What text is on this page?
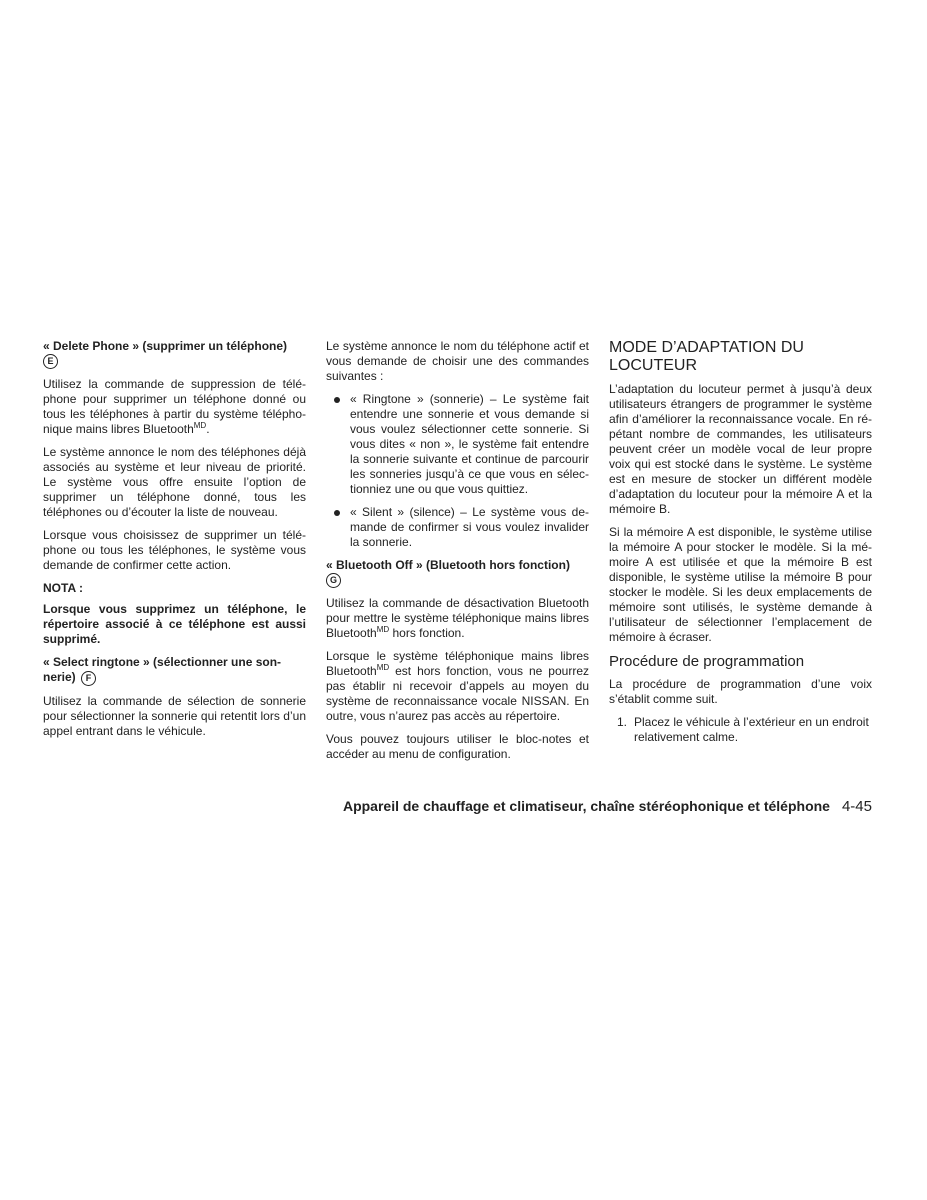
« Delete Phone » (supprimer un téléphone)
E

Utilisez la commande de suppression de télé-phone pour supprimer un téléphone donné ou tous les téléphones à partir du système télépho-nique mains libres Bluetooth$^{MD}$.

Le système annonce le nom des téléphones déjà associés au système et leur niveau de priorité. Le système vous offre ensuite l’option de supprimer un téléphone donné, tous les téléphones ou d’écouter la liste de nouveau.

Lorsque vous choisissez de supprimer un télé-phone ou tous les téléphones, le système vous demande de confirmer cette action.

NOTA :

Lorsque vous supprimez un téléphone, le répertoire associé à ce téléphone est aussi supprimé.

« Select ringtone » (sélectionner une son-nerie) F

Utilisez la commande de sélection de sonnerie pour sélectionner la sonnerie qui retentit lors d’un appel entrant dans le véhicule.

Le système annonce le nom du téléphone actif et vous demande de choisir une des commandes suivantes :

« Ringtone » (sonnerie) – Le système fait entendre une sonnerie et vous demande si vous voulez sélectionner cette sonnerie. Si vous dites « non », le système fait entendre la sonnerie suivante et continue de parcourir les sonneries jusqu’à ce que vous en sélec-tionniez une ou que vous quittiez.
« Silent » (silence) – Le système vous de-mande de confirmer si vous voulez invalider la sonnerie.
« Bluetooth Off » (Bluetooth hors fonction)
G

Utilisez la commande de désactivation Bluetooth pour mettre le système téléphonique mains libres Bluetooth$^{MD}$ hors fonction.

Lorsque le système téléphonique mains libres Bluetooth$^{MD}$ est hors fonction, vous ne pourrez pas établir ni recevoir d’appels au moyen du système de reconnaissance vocale NISSAN. En outre, vous n’aurez pas accès au répertoire.

Vous pouvez toujours utiliser le bloc-notes et accéder au menu de configuration.

MODE D’ADAPTATION DU LOCUTEUR

L’adaptation du locuteur permet à jusqu’à deux utilisateurs étrangers de programmer le système afin d’améliorer la reconnaissance vocale. En ré-pétant nombre de commandes, les utilisateurs peuvent créer un modèle vocal de leur propre voix qui est stocké dans le système. Le système est en mesure de stocker un différent modèle d’adaptation du locuteur pour la mémoire A et la mémoire B.

Si la mémoire A est disponible, le système utilise la mémoire A pour stocker le modèle. Si la mé-moire A est utilisée et que la mémoire B est disponible, le système utilise la mémoire B pour stocker le modèle. Si les deux emplacements de mémoire sont utilisés, le système demande à l’utilisateur de sélectionner l’emplacement de mémoire à écraser.

Procédure de programmation

La procédure de programmation d’une voix s’établit comme suit.

1. Placez le véhicule à l’extérieur en un endroit relativement calme.
Appareil de chauffage et climatiseur, chaîne stéréophonique et téléphone 4-45
